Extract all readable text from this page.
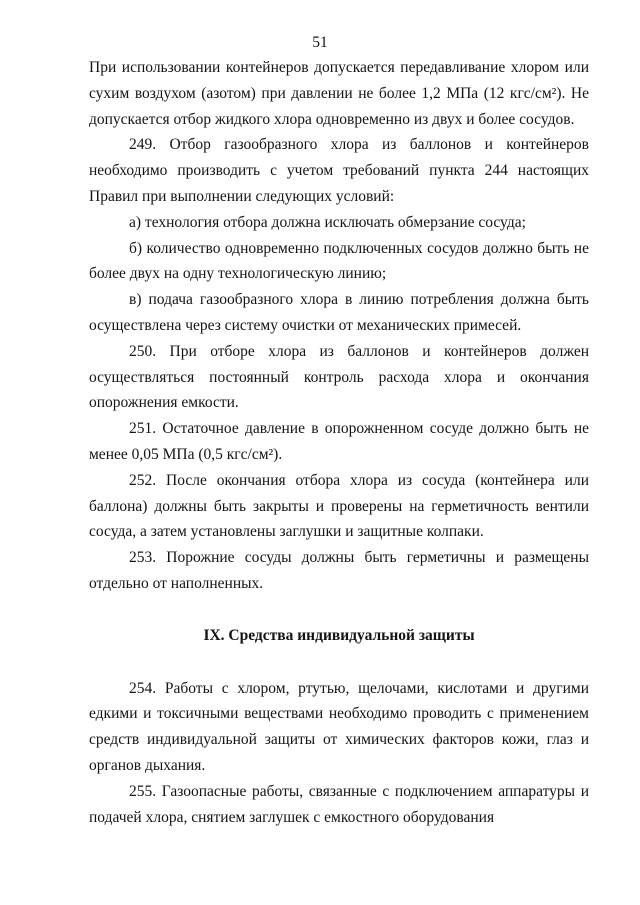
51

При использовании контейнеров допускается передавливание хлором или сухим воздухом (азотом) при давлении не более 1,2 МПа (12 кгс/см²). Не допускается отбор жидкого хлора одновременно из двух и более сосудов.

249. Отбор газообразного хлора из баллонов и контейнеров необходимо производить с учетом требований пункта 244 настоящих Правил при выполнении следующих условий:

а) технология отбора должна исключать обмерзание сосуда;

б) количество одновременно подключенных сосудов должно быть не более двух на одну технологическую линию;

в) подача газообразного хлора в линию потребления должна быть осуществлена через систему очистки от механических примесей.

250. При отборе хлора из баллонов и контейнеров должен осуществляться постоянный контроль расхода хлора и окончания опорожнения емкости.

251. Остаточное давление в опорожненном сосуде должно быть не менее 0,05 МПа (0,5 кгс/см²).

252. После окончания отбора хлора из сосуда (контейнера или баллона) должны быть закрыты и проверены на герметичность вентили сосуда, а затем установлены заглушки и защитные колпаки.

253. Порожние сосуды должны быть герметичны и размещены отдельно от наполненных.

IX. Средства индивидуальной защиты

254. Работы с хлором, ртутью, щелочами, кислотами и другими едкими и токсичными веществами необходимо проводить с применением средств индивидуальной защиты от химических факторов кожи, глаз и органов дыхания.

255. Газоопасные работы, связанные с подключением аппаратуры и подачей хлора, снятием заглушек с емкостного оборудования
